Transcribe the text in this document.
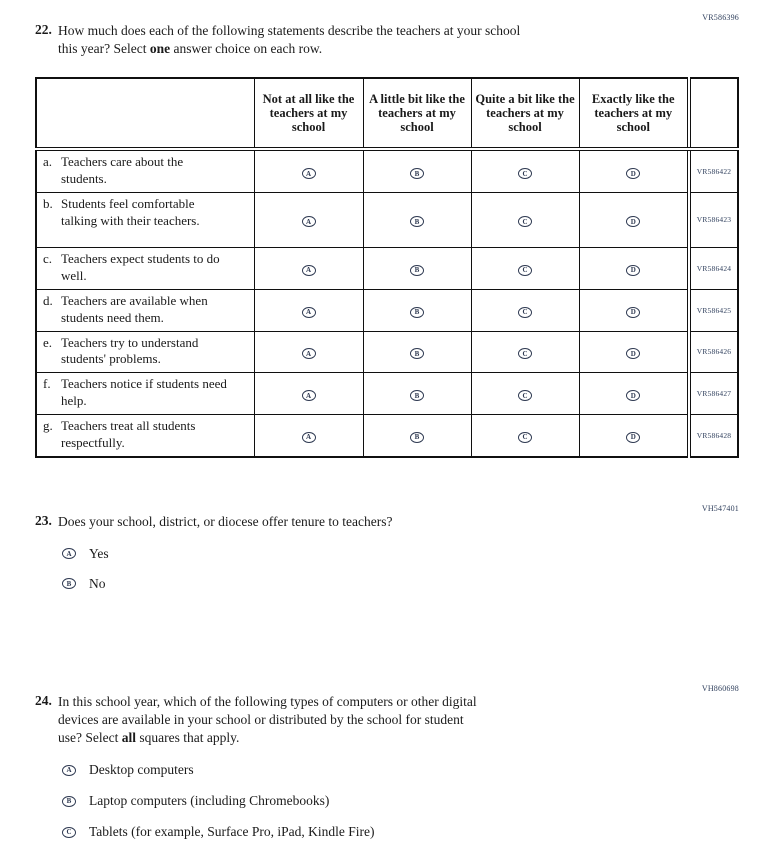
VR586396
22. How much does each of the following statements describe the teachers at your school
this year? Select one answer choice on each row.
	Not at all like the teachers at my school	A little bit like the teachers at my school	Quite a bit like the teachers at my school	Exactly like the teachers at my school	
a. Teachers care about the students.	A	B	C	D	VR586422
b. Students feel comfortable talking with their teachers.	A	B	C	D	VR586423
c. Teachers expect students to do well.	A	B	C	D	VR586424
d. Teachers are available when students need them.	A	B	C	D	VR586425
e. Teachers try to understand students' problems.	A	B	C	D	VR586426
f. Teachers notice if students need help.	A	B	C	D	VR586427
g. Teachers treat all students respectfully.	A	B	C	D	VR586428
VH547401
23. Does your school, district, or diocese offer tenure to teachers?
A	Yes
B	No
VH860698
24. In this school year, which of the following types of computers or other digital
devices are available in your school or distributed by the school for student
use? Select all squares that apply.
A	Desktop computers
B	Laptop computers (including Chromebooks)
C	Tablets (for example, Surface Pro, iPad, Kindle Fire)
